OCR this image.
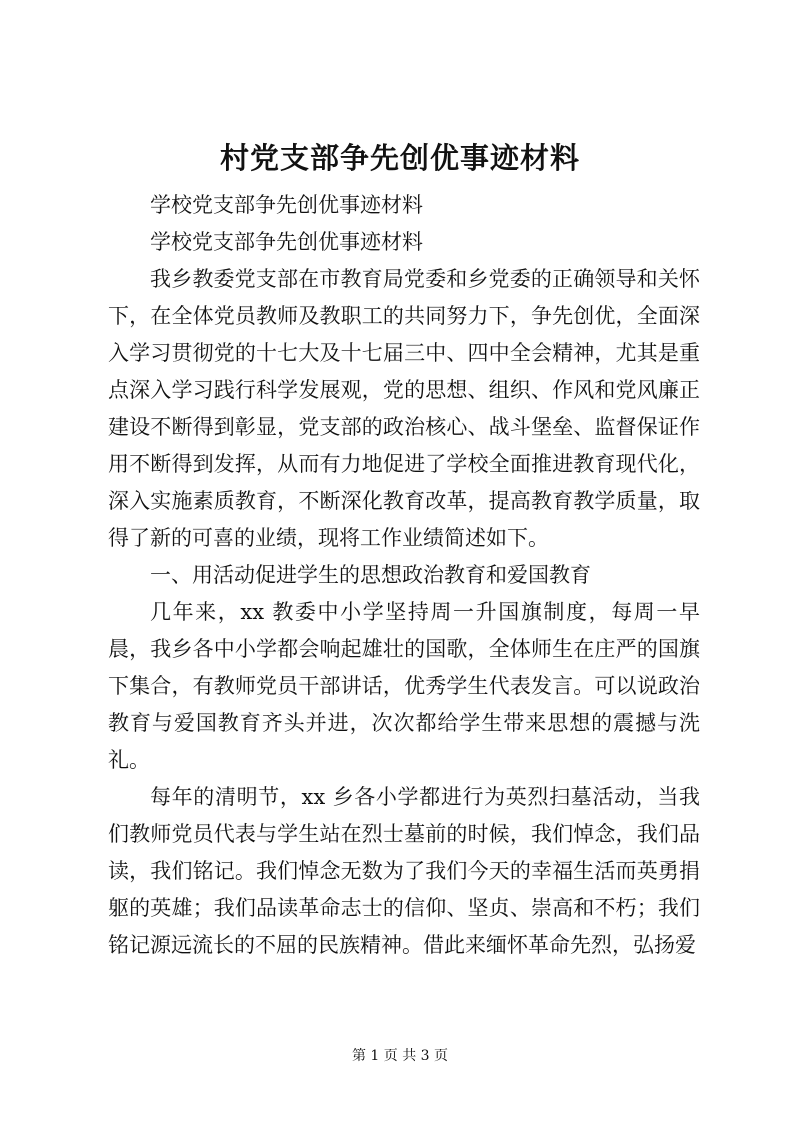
村党支部争先创优事迹材料

学校党支部争先创优事迹材料

学校党支部争先创优事迹材料

我乡教委党支部在市教育局党委和乡党委的正确领导和关怀下，在全体党员教师及教职工的共同努力下，争先创优，全面深入学习贯彻党的十七大及十七届三中、四中全会精神，尤其是重点深入学习践行科学发展观，党的思想、组织、作风和党风廉正建设不断得到彰显，党支部的政治核心、战斗堡垒、监督保证作用不断得到发挥，从而有力地促进了学校全面推进教育现代化，深入实施素质教育，不断深化教育改革，提高教育教学质量，取得了新的可喜的业绩，现将工作业绩简述如下。

一、用活动促进学生的思想政治教育和爱国教育

几年来，xx 教委中小学坚持周一升国旗制度，每周一早晨，我乡各中小学都会响起雄壮的国歌，全体师生在庄严的国旗下集合，有教师党员干部讲话，优秀学生代表发言。可以说政治教育与爱国教育齐头并进，次次都给学生带来思想的震撼与洗礼。

每年的清明节，xx 乡各小学都进行为英烈扫墓活动，当我们教师党员代表与学生站在烈士墓前的时候，我们悼念，我们品读，我们铭记。我们悼念无数为了我们今天的幸福生活而英勇捐躯的英雄；我们品读革命志士的信仰、坚贞、崇高和不朽；我们铭记源远流长的不屈的民族精神。借此来缅怀革命先烈，弘扬爱

第 1 页 共 3 页
